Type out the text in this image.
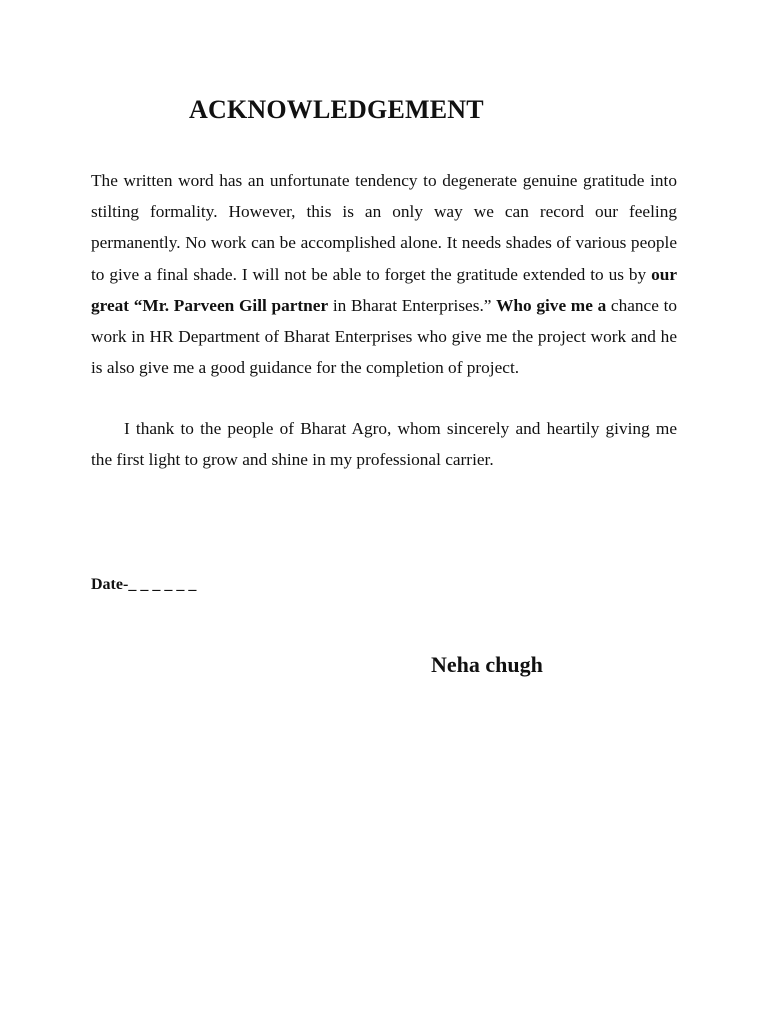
ACKNOWLEDGEMENT

The written word has an unfortunate tendency to degenerate genuine gratitude into stilting formality. However, this is an only way we can record our feeling permanently. No work can be accomplished alone. It needs shades of various people to give a final shade. I will not be able to forget the gratitude extended to us by our great “Mr. Parveen Gill partner in Bharat Enterprises.” Who give me a chance to work in HR Department of Bharat Enterprises who give me the project work and he is also give me a good guidance for the completion of project.

I thank to the people of Bharat Agro, whom sincerely and heartily giving me the first light to grow and shine in my professional carrier.

Date-_ _ _ _ _ _

Neha chugh
